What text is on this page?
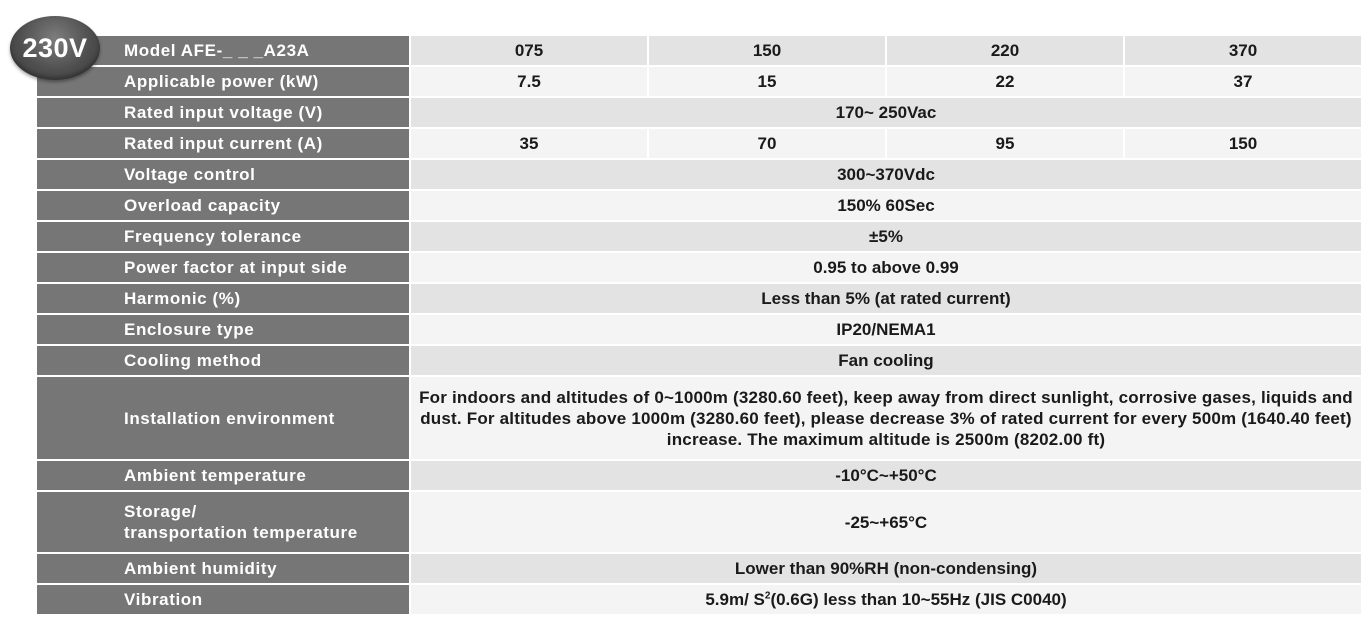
230V Model AFE-_ _ _A23A	075	150	220	370
Applicable power (kW)	7.5	15	22	37
Rated input voltage (V)	170~ 250Vac			
Rated input current (A)	35	70	95	150
Voltage control	300~370Vdc			
Overload capacity	150% 60Sec			
Frequency tolerance	±5%			
Power factor at input side	0.95 to above 0.99			
Harmonic (%)	Less than 5% (at rated current)			
Enclosure type	IP20/NEMA1			
Cooling method	Fan cooling			
Installation environment	For indoors and altitudes of 0~1000m (3280.60 feet), keep away from direct sunlight, corrosive gases, liquids and dust. For altitudes above 1000m (3280.60 feet), please decrease 3% of rated current for every 500m (1640.40 feet) increase. The maximum altitude is 2500m (8202.00 ft)			
Ambient temperature	-10°C~+50°C			
Storage/
transportation temperature	-25~+65°C			
Ambient humidity	Lower than 90%RH (non-condensing)			
Vibration	5.9m/ $S^2(0.6G)$ less than 10~55Hz (JIS C0040)			
